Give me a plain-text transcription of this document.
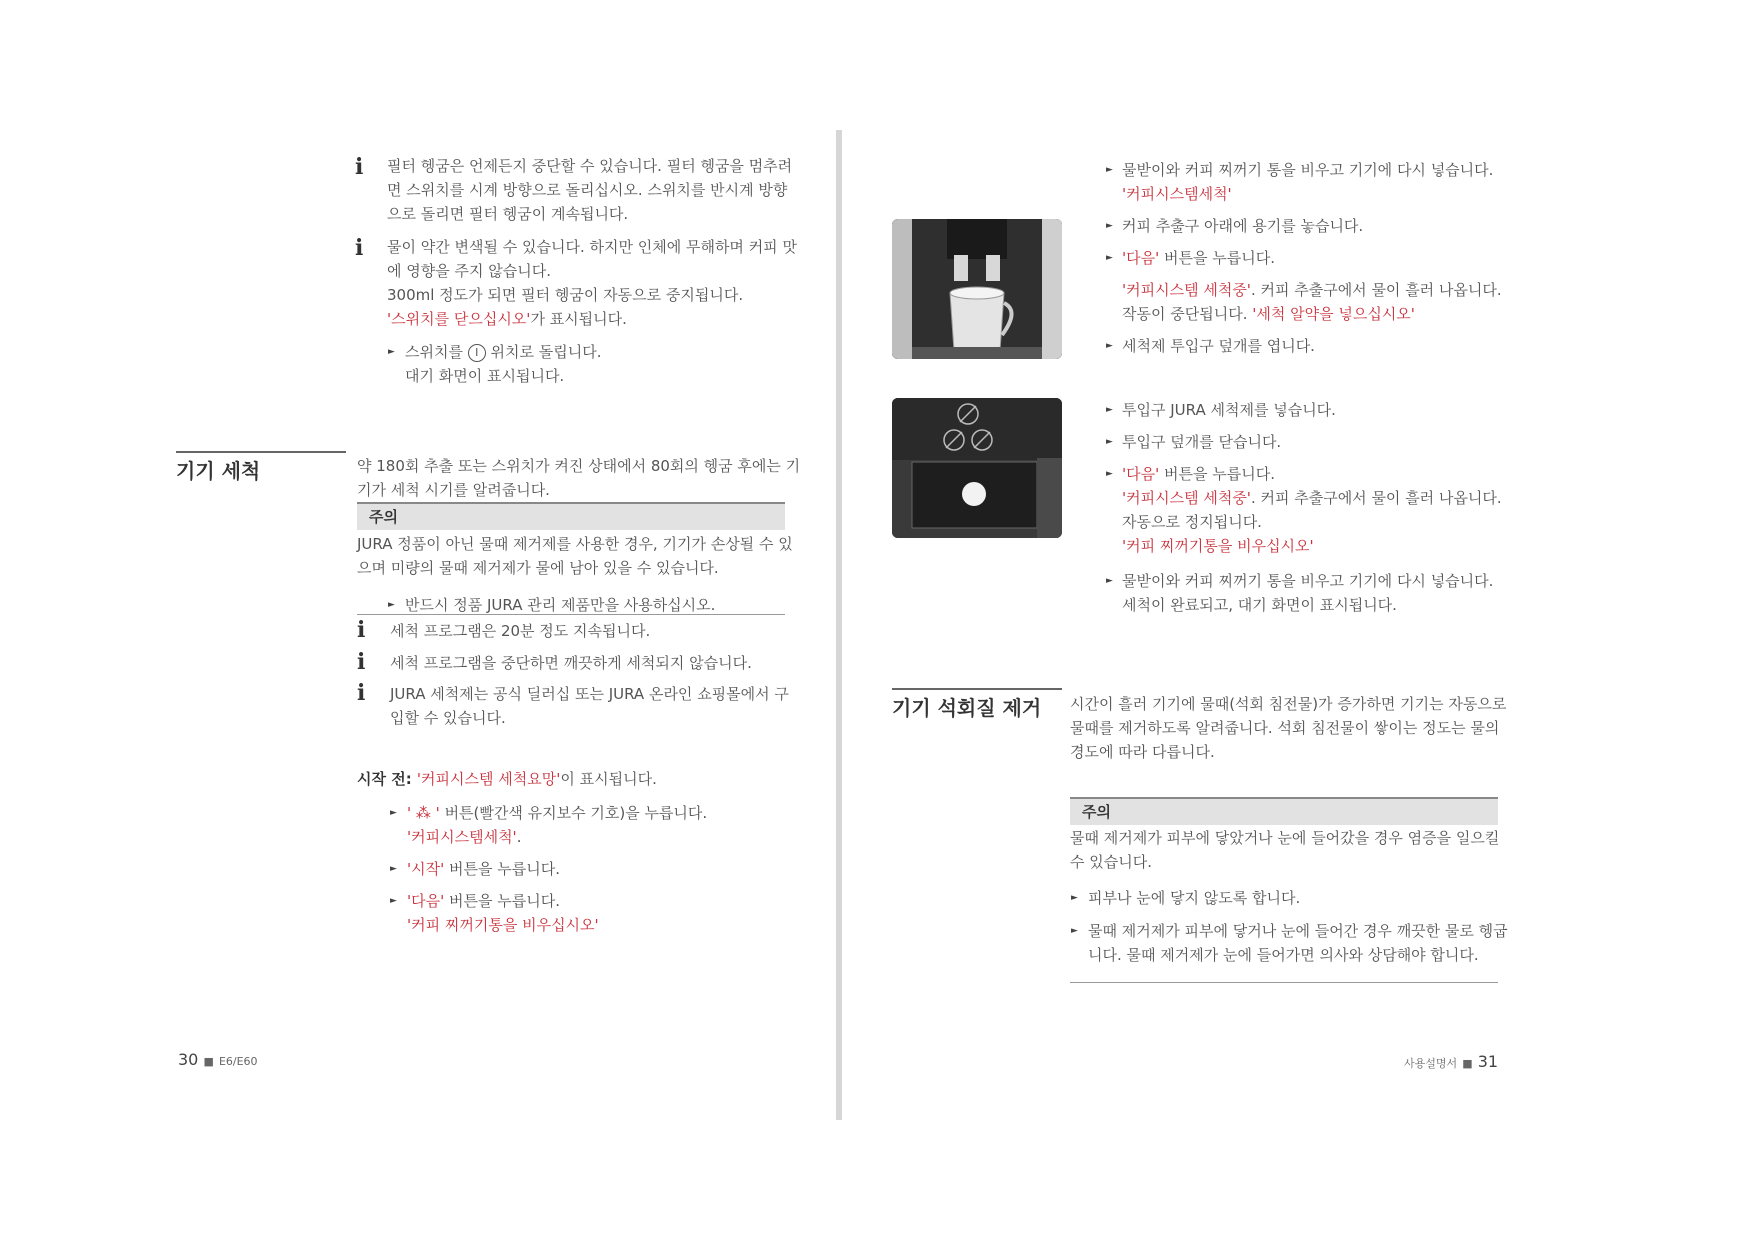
i 필터 헹굼은 언제든지 중단할 수 있습니다. 필터 헹굼을 멈추려
면 스위치를 시계 방향으로 돌리십시오. 스위치를 반시계 방향
으로 돌리면 필터 헹굼이 계속됩니다.
i 물이 약간 변색될 수 있습니다. 하지만 인체에 무해하며 커피 맛
에 영향을 주지 않습니다.
300ml 정도가 되면 필터 헹굼이 자동으로 중지됩니다.
'스위치를 닫으십시오'가 표시됩니다.
► 스위치를 I 위치로 돌립니다.
대기 화면이 표시됩니다.
기기 세척	약 180회 추출 또는 스위치가 켜진 상태에서 80회의 헹굼 후에는 기
기가 세척 시기를 알려줍니다.
주의
JURA 정품이 아닌 물때 제거제를 사용한 경우, 기기가 손상될 수 있
으며 미량의 물때 제거제가 물에 남아 있을 수 있습니다.
► 반드시 정품 JURA 관리 제품만을 사용하십시오.
i 세척 프로그램은 20분 정도 지속됩니다.
i 세척 프로그램을 중단하면 깨끗하게 세척되지 않습니다.
i JURA 세척제는 공식 딜러십 또는 JURA 온라인 쇼핑몰에서 구
입할 수 있습니다.
시작 전: '커피시스템 세척요망'이 표시됩니다.
► ' ⁂ ' 버튼(빨간색 유지보수 기호)을 누릅니다.
'커피시스템세척'.
► '시작' 버튼을 누릅니다.
► '다음' 버튼을 누릅니다.
'커피 찌꺼기통을 비우십시오'
30 ■ E6/E60
► 물받이와 커피 찌꺼기 통을 비우고 기기에 다시 넣습니다.
'커피시스템세척'
► 커피 추출구 아래에 용기를 놓습니다.
► '다음' 버튼을 누릅니다.
'커피시스템 세척중'. 커피 추출구에서 물이 흘러 나옵니다.
작동이 중단됩니다. '세척 알약을 넣으십시오'
► 세척제 투입구 덮개를 엽니다.
► 투입구 JURA 세척제를 넣습니다.
► 투입구 덮개를 닫습니다.
► '다음' 버튼을 누릅니다.
'커피시스템 세척중'. 커피 추출구에서 물이 흘러 나옵니다.
자동으로 정지됩니다.
'커피 찌꺼기통을 비우십시오'
► 물받이와 커피 찌꺼기 통을 비우고 기기에 다시 넣습니다.
세척이 완료되고, 대기 화면이 표시됩니다.
기기 석회질 제거 시간이 흘러 기기에 물때(석회 침전물)가 증가하면 기기는 자동으로
물때를 제거하도록 알려줍니다. 석회 침전물이 쌓이는 정도는 물의
경도에 따라 다릅니다.
주의
물때 제거제가 피부에 닿았거나 눈에 들어갔을 경우 염증을 일으킬
수 있습니다.
► 피부나 눈에 닿지 않도록 합니다.
► 물때 제거제가 피부에 닿거나 눈에 들어간 경우 깨끗한 물로 헹굽
니다. 물때 제거제가 눈에 들어가면 의사와 상담해야 합니다.
사용설명서 ■ 31
